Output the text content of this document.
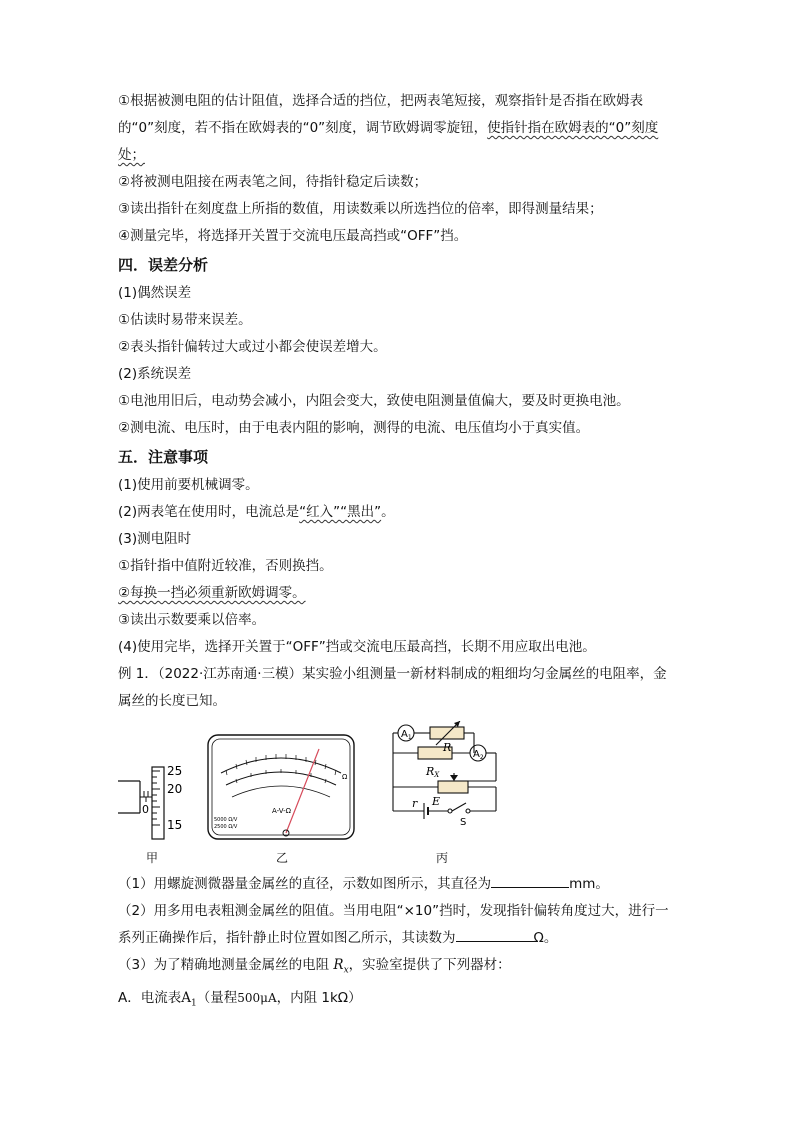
①根据被测电阻的估计阻值，选择合适的挡位，把两表笔短接，观察指针是否指在欧姆表
的“0”刻度，若不指在欧姆表的“0”刻度，调节欧姆调零旋钮，使指针指在欧姆表的“0”刻度
处；
②将被测电阻接在两表笔之间，待指针稳定后读数；
③读出指针在刻度盘上所指的数值，用读数乘以所选挡位的倍率，即得测量结果；
④测量完毕，将选择开关置于交流电压最高挡或“OFF”挡。
四．误差分析
(1)偶然误差
①估读时易带来误差。
②表头指针偏转过大或过小都会使误差增大。
(2)系统误差
①电池用旧后，电动势会减小，内阻会变大，致使电阻测量值偏大，要及时更换电池。
②测电流、电压时，由于电表内阻的影响，测得的电流、电压值均小于真实值。
五．注意事项
(1)使用前要机械调零。
(2)两表笔在使用时，电流总是“红入”“黑出”。
(3)测电阻时
①指针指中值附近较准，否则换挡。
②每换一挡必须重新欧姆调零。
③读出示数要乘以倍率。
(4)使用完毕，选择开关置于“OFF”挡或交流电压最高挡，长期不用应取出电池。
例 1．（2022·江苏南通·三模）某实验小组测量一新材料制成的粗细均匀金属丝的电阻率，金
属丝的长度已知。
25
20
15
0
甲
A-V-Ω
5000 Ω/V
2500 Ω/V
Ω
乙
$A_1$
$A_2$
R
RX
r E
S
丙
（1）用螺旋测微器量金属丝的直径，示数如图所示，其直径为	mm。
（2）用多用电表粗测金属丝的阻值。当用电阻“×10”挡时，发现指针偏转角度过大，进行一
系列正确操作后，指针静止时位置如图乙所示，其读数为	Ω。
（3）为了精确地测量金属丝的电阻 $R_x$，实验室提供了下列器材：
A．电流表$A_1$（量程500μA，内阻 1kΩ）
